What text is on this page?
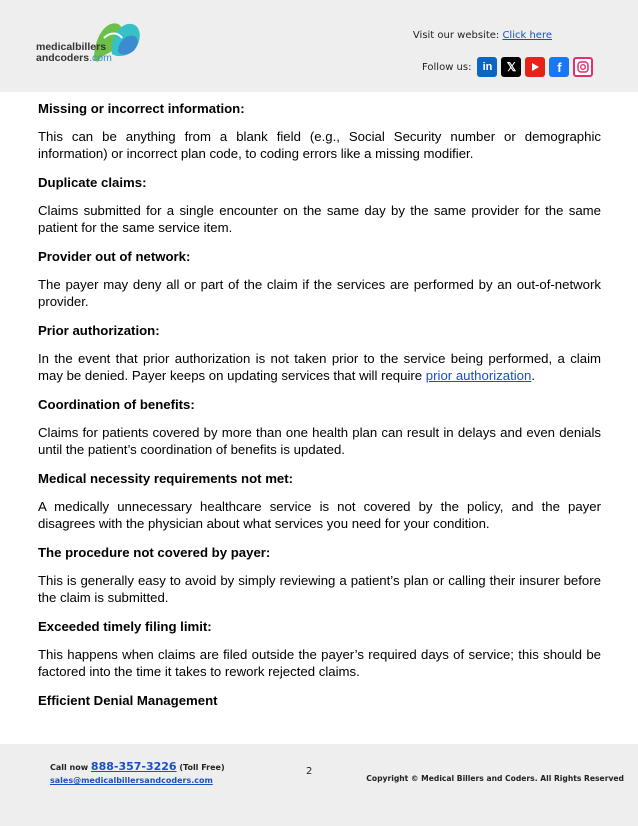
medicalbillers
andcoders.com
Visit our website: Click here
Follow us:	in	𝕏	f
Missing or incorrect information:

This can be anything from a blank field (e.g., Social Security number or demographic information) or incorrect plan code, to coding errors like a missing modifier.

Duplicate claims:

Claims submitted for a single encounter on the same day by the same provider for the same patient for the same service item.

Provider out of network:

The payer may deny all or part of the claim if the services are performed by an out-of-network provider.

Prior authorization:

In the event that prior authorization is not taken prior to the service being performed, a claim may be denied. Payer keeps on updating services that will require prior authorization.

Coordination of benefits:

Claims for patients covered by more than one health plan can result in delays and even denials until the patient’s coordination of benefits is updated.

Medical necessity requirements not met:

A medically unnecessary healthcare service is not covered by the policy, and the payer disagrees with the physician about what services you need for your condition.

The procedure not covered by payer:

This is generally easy to avoid by simply reviewing a patient’s plan or calling their insurer before the claim is submitted.

Exceeded timely filing limit:

This happens when claims are filed outside the payer’s required days of service; this should be factored into the time it takes to rework rejected claims.

Efficient Denial Management
Call now 888-357-3226 (Toll Free)
sales@medicalbillersandcoders.com
2
Copyright © Medical Billers and Coders. All Rights Reserved
